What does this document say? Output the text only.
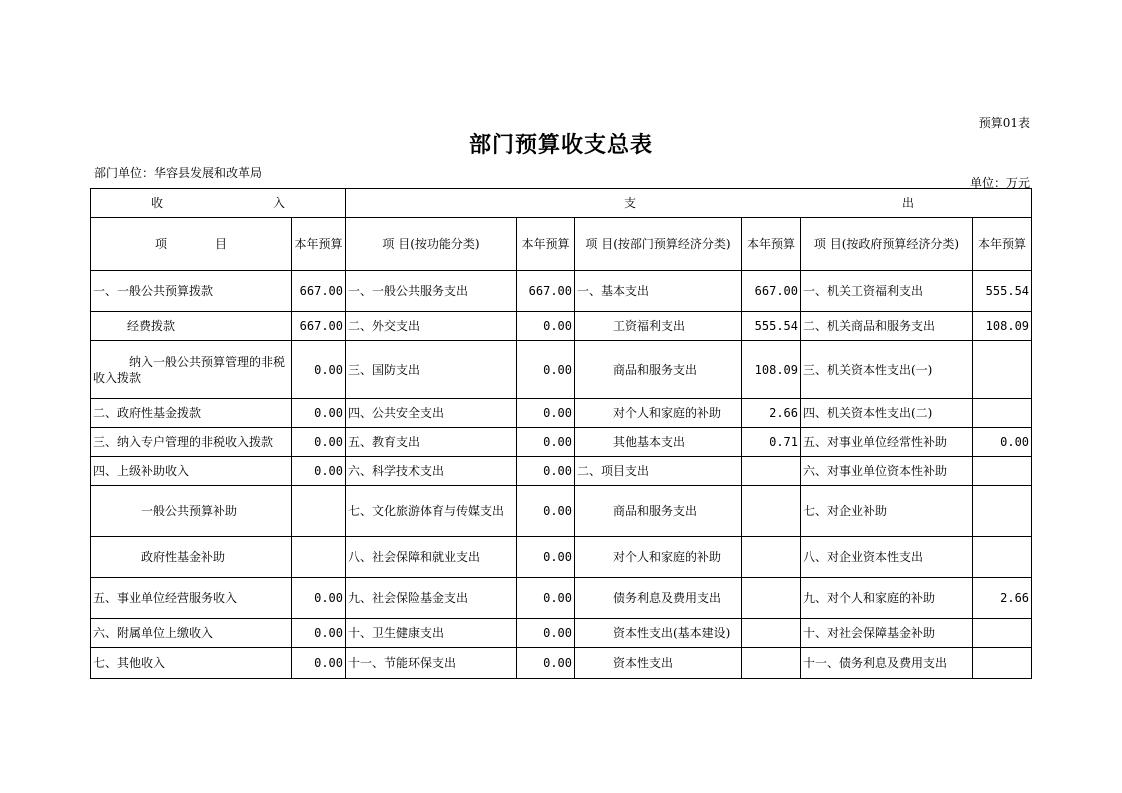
预算01表
部门预算收支总表
部门单位：华容县发展和改革局
单位：万元
收 入		支 出					

项 目	本年预算	项 目(按功能分类)	本年预算	项 目(按部门预算经济分类)	本年预算	项 目(按政府预算经济分类)	本年预算
一、一般公共预算拨款	667.00	一、一般公共服务支出	667.00	一、基本支出	667.00	一、机关工资福利支出	555.54
经费拨款	667.00	二、外交支出	0.00	工资福利支出	555.54	二、机关商品和服务支出	108.09
纳入一般公共预算管理的非税收入拨款	0.00	三、国防支出	0.00	商品和服务支出	108.09	三、机关资本性支出(一)	
二、政府性基金拨款	0.00	四、公共安全支出	0.00	对个人和家庭的补助	2.66	四、机关资本性支出(二)	
三、纳入专户管理的非税收入拨款	0.00	五、教育支出	0.00	其他基本支出	0.71	五、对事业单位经常性补助	0.00
四、上级补助收入	0.00	六、科学技术支出	0.00	二、项目支出		六、对事业单位资本性补助	
一般公共预算补助		七、文化旅游体育与传媒支出	0.00	商品和服务支出		七、对企业补助	
政府性基金补助		八、社会保障和就业支出	0.00	对个人和家庭的补助		八、对企业资本性支出	
五、事业单位经营服务收入	0.00	九、社会保险基金支出	0.00	债务利息及费用支出		九、对个人和家庭的补助	2.66
六、附属单位上缴收入	0.00	十、卫生健康支出	0.00	资本性支出(基本建设)		十、对社会保障基金补助	
七、其他收入	0.00	十一、节能环保支出	0.00	资本性支出		十一、债务利息及费用支出	
